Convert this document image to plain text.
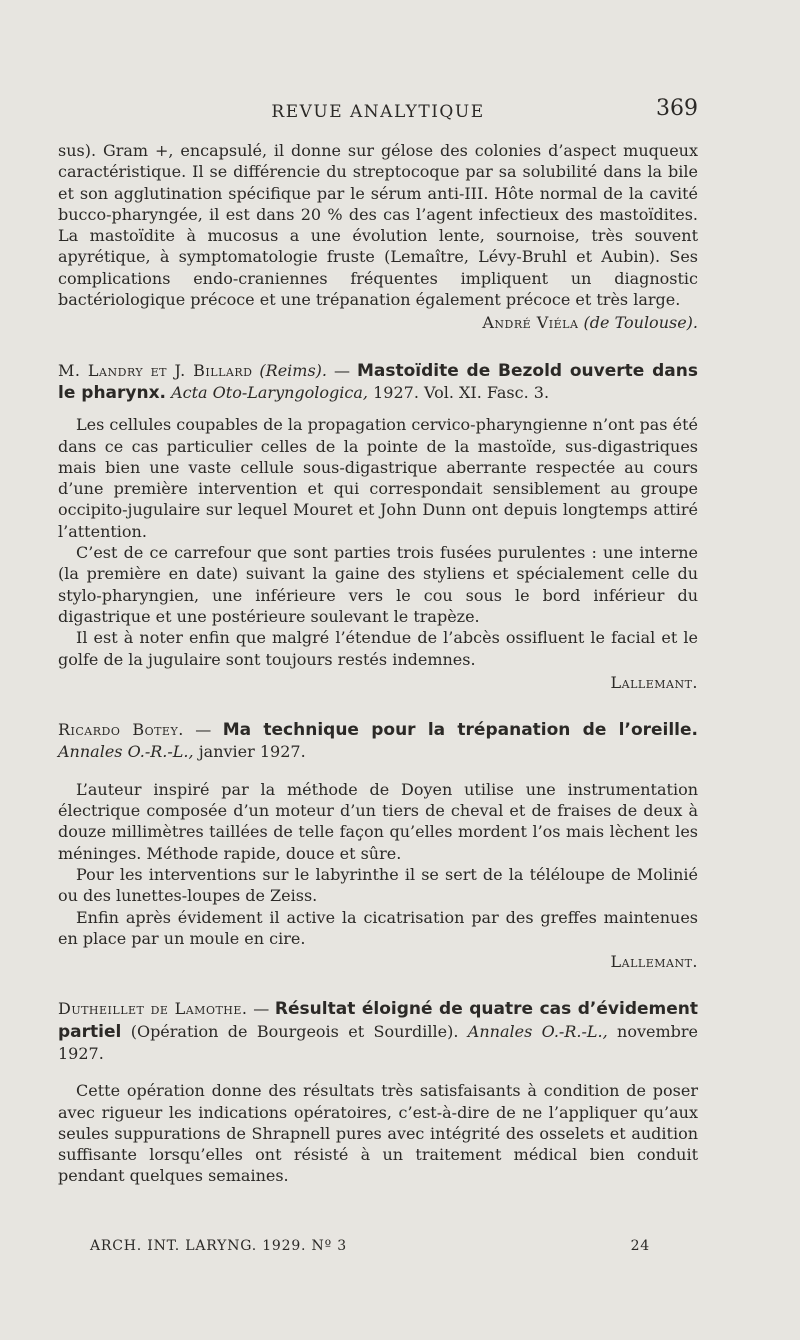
REVUE ANALYTIQUE	369

sus). Gram +, encapsulé, il donne sur gélose des colonies d’aspect muqueux caractéristique. Il se différencie du streptocoque par sa solubilité dans la bile et son agglutination spécifique par le sérum anti-III. Hôte normal de la cavité bucco-pharyngée, il est dans 20 % des cas l’agent infectieux des mastoïdites. La mastoïdite à mucosus a une évolution lente, sournoise, très souvent apyrétique, à symptomatologie fruste (Lemaître, Lévy-Bruhl et Aubin). Ses complications endo-craniennes fréquentes impliquent un diagnostic bactériologique précoce et une trépanation également précoce et très large.

André Viéla (de Toulouse).

M. Landry et J. Billard (Reims). — Mastoïdite de Bezold ouverte dans le pharynx. Acta Oto-Laryngologica, 1927. Vol. XI. Fasc. 3.

Les cellules coupables de la propagation cervico-pharyngienne n’ont pas été dans ce cas particulier celles de la pointe de la mastoïde, sus-digastriques mais bien une vaste cellule sous-digastrique aberrante respectée au cours d’une première intervention et qui correspondait sensiblement au groupe occipito-jugulaire sur lequel Mouret et John Dunn ont depuis longtemps attiré l’attention.

C’est de ce carrefour que sont parties trois fusées purulentes : une interne (la première en date) suivant la gaine des styliens et spécialement celle du stylo-pharyngien, une inférieure vers le cou sous le bord inférieur du digastrique et une postérieure soulevant le trapèze.

Il est à noter enfin que malgré l’étendue de l’abcès ossifluent le facial et le golfe de la jugulaire sont toujours restés indemnes.

Lallemant.

Ricardo Botey. — Ma technique pour la trépanation de l’oreille. Annales O.-R.-L., janvier 1927.

L’auteur inspiré par la méthode de Doyen utilise une instrumentation électrique composée d’un moteur d’un tiers de cheval et de fraises de deux à douze millimètres taillées de telle façon qu’elles mordent l’os mais lèchent les méninges. Méthode rapide, douce et sûre.

Pour les interventions sur le labyrinthe il se sert de la téléloupe de Molinié ou des lunettes-loupes de Zeiss.

Enfin après évidement il active la cicatrisation par des greffes maintenues en place par un moule en cire.

Lallemant.

Dutheillet de Lamothe. — Résultat éloigné de quatre cas d’évidement partiel (Opération de Bourgeois et Sourdille). Annales O.-R.-L., novembre 1927.

Cette opération donne des résultats très satisfaisants à condition de poser avec rigueur les indications opératoires, c’est-à-dire de ne l’appliquer qu’aux seules suppurations de Shrapnell pures avec intégrité des osselets et audition suffisante lorsqu’elles ont résisté à un traitement médical bien conduit pendant quelques semaines.

ARCH. INT. LARYNG. 1929. Nº 3	24
